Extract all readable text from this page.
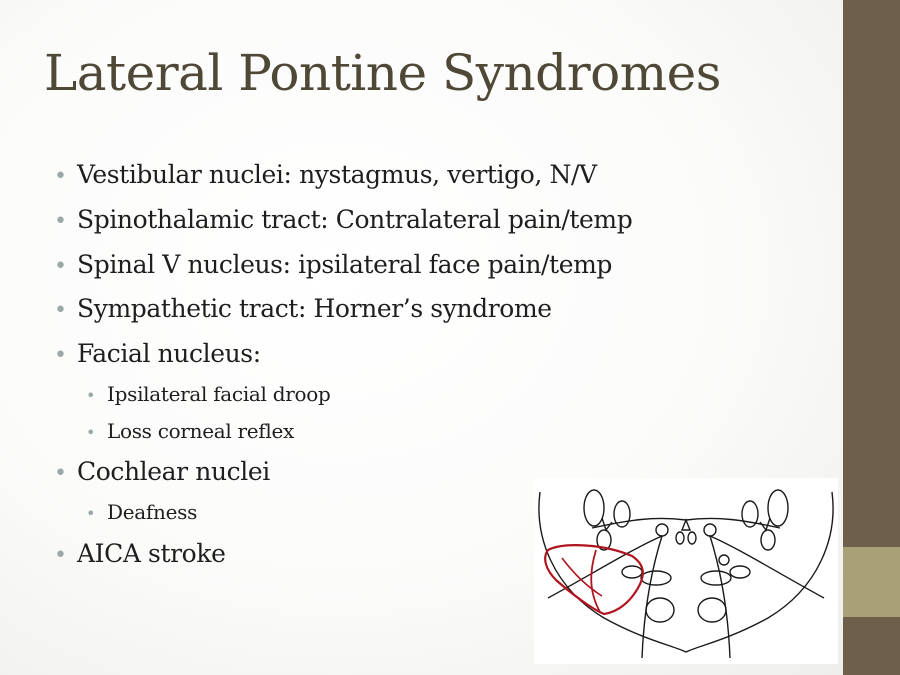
Lateral Pontine Syndromes
• Vestibular nuclei: nystagmus, vertigo, N/V
• Spinothalamic tract: Contralateral pain/temp
• Spinal V nucleus: ipsilateral face pain/temp
• Sympathetic tract: Horner’s syndrome
• Facial nucleus:
• Ipsilateral facial droop
• Loss corneal reflex
• Cochlear nuclei
• Deafness
• AICA stroke
